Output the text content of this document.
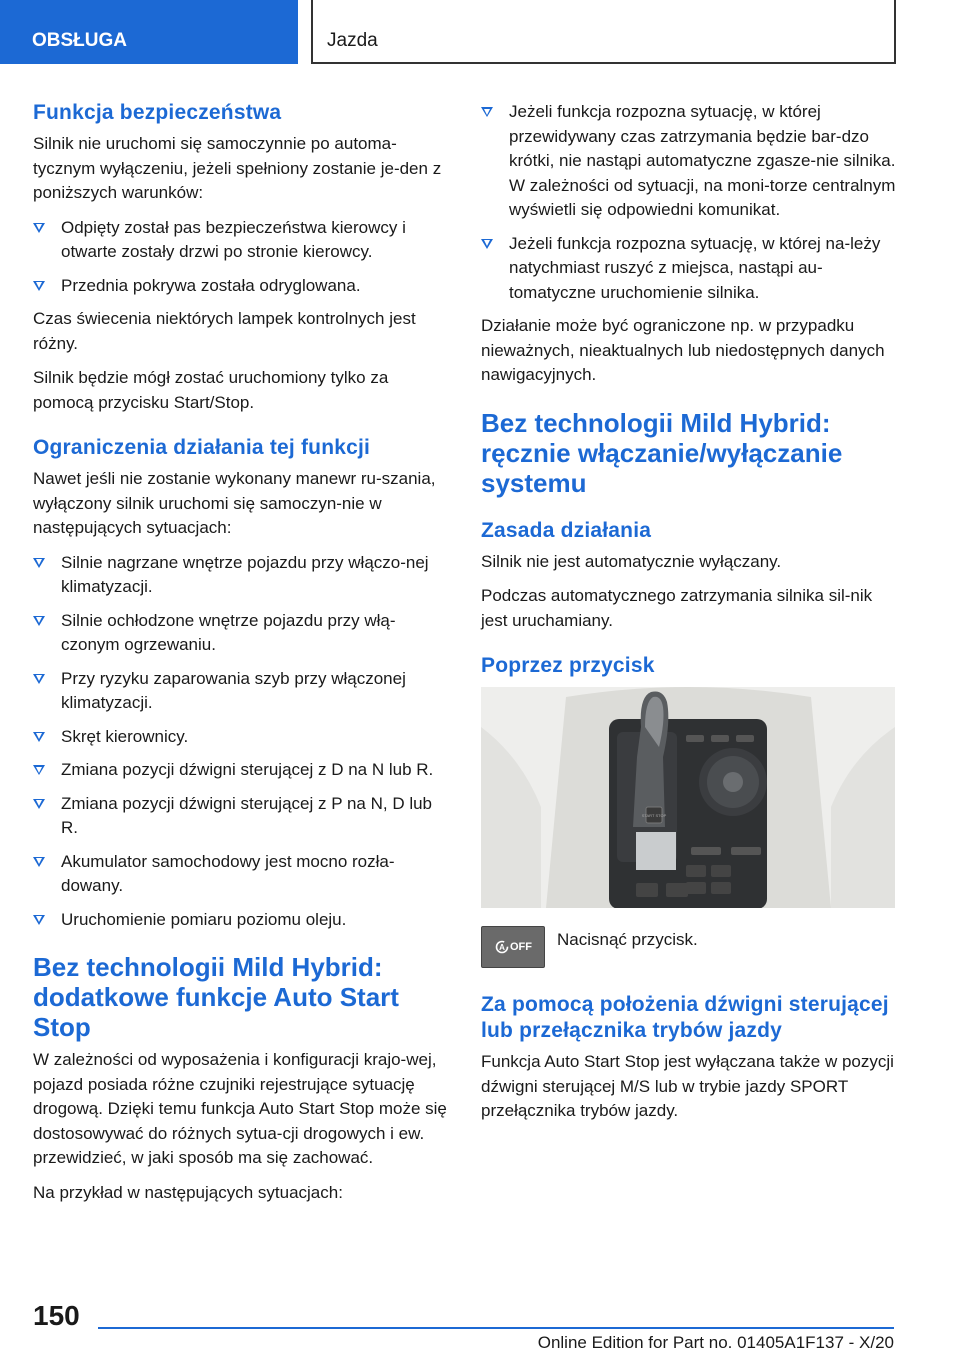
OBSŁUGA	Jazda
Funkcja bezpieczeństwa

Silnik nie uruchomi się samoczynnie po automa-tycznym wyłączeniu, jeżeli spełniony zostanie je-den z poniższych warunków:

Odpięty został pas bezpieczeństwa kierowcy i otwarte zostały drzwi po stronie kierowcy.
Przednia pokrywa została odryglowana.

Czas świecenia niektórych lampek kontrolnych jest różny.

Silnik będzie mógł zostać uruchomiony tylko za pomocą przycisku Start/Stop.

Ograniczenia działania tej funkcji

Nawet jeśli nie zostanie wykonany manewr ru-szania, wyłączony silnik uruchomi się samoczyn-nie w następujących sytuacjach:

Silnie nagrzane wnętrze pojazdu przy włączo-nej klimatyzacji.
Silnie ochłodzone wnętrze pojazdu przy włą-czonym ogrzewaniu.
Przy ryzyku zaparowania szyb przy włączonej klimatyzacji.
Skręt kierownicy.
Zmiana pozycji dźwigni sterującej z D na N lub R.
Zmiana pozycji dźwigni sterującej z P na N, D lub R.
Akumulator samochodowy jest mocno rozła-dowany.
Uruchomienie pomiaru poziomu oleju.
Bez technologii Mild Hybrid: dodatkowe funkcje Auto Start Stop

W zależności od wyposażenia i konfiguracji krajo-wej, pojazd posiada różne czujniki rejestrujące sytuację drogową. Dzięki temu funkcja Auto Start Stop może się dostosowywać do różnych sytua-cji drogowych i ew. przewidzieć, w jaki sposób ma się zachować.

Na przykład w następujących sytuacjach:

Jeżeli funkcja rozpozna sytuację, w której przewidywany czas zatrzymania będzie bar-dzo krótki, nie nastąpi automatyczne zgasze-nie silnika. W zależności od sytuacji, na moni-torze centralnym wyświetli się odpowiedni komunikat.
Jeżeli funkcja rozpozna sytuację, w której na-leży natychmiast ruszyć z miejsca, nastąpi au-tomatyczne uruchomienie silnika.

Działanie może być ograniczone np. w przypadku nieważnych, nieaktualnych lub niedostępnych danych nawigacyjnych.

Bez technologii Mild Hybrid: ręcznie włączanie/wyłączanie systemu
Zasada działania

Silnik nie jest automatycznie wyłączany.

Podczas automatycznego zatrzymania silnika sil-nik jest uruchamiany.

Poprzez przycisk
START STOP
A OFF Nacisnąć przycisk.

Za pomocą położenia dźwigni sterującej lub przełącznika trybów jazdy

Funkcja Auto Start Stop jest wyłączana także w pozycji dźwigni sterującej M/S lub w trybie jazdy SPORT przełącznika trybów jazdy.

150
Online Edition for Part no. 01405A1F137 - X/20
